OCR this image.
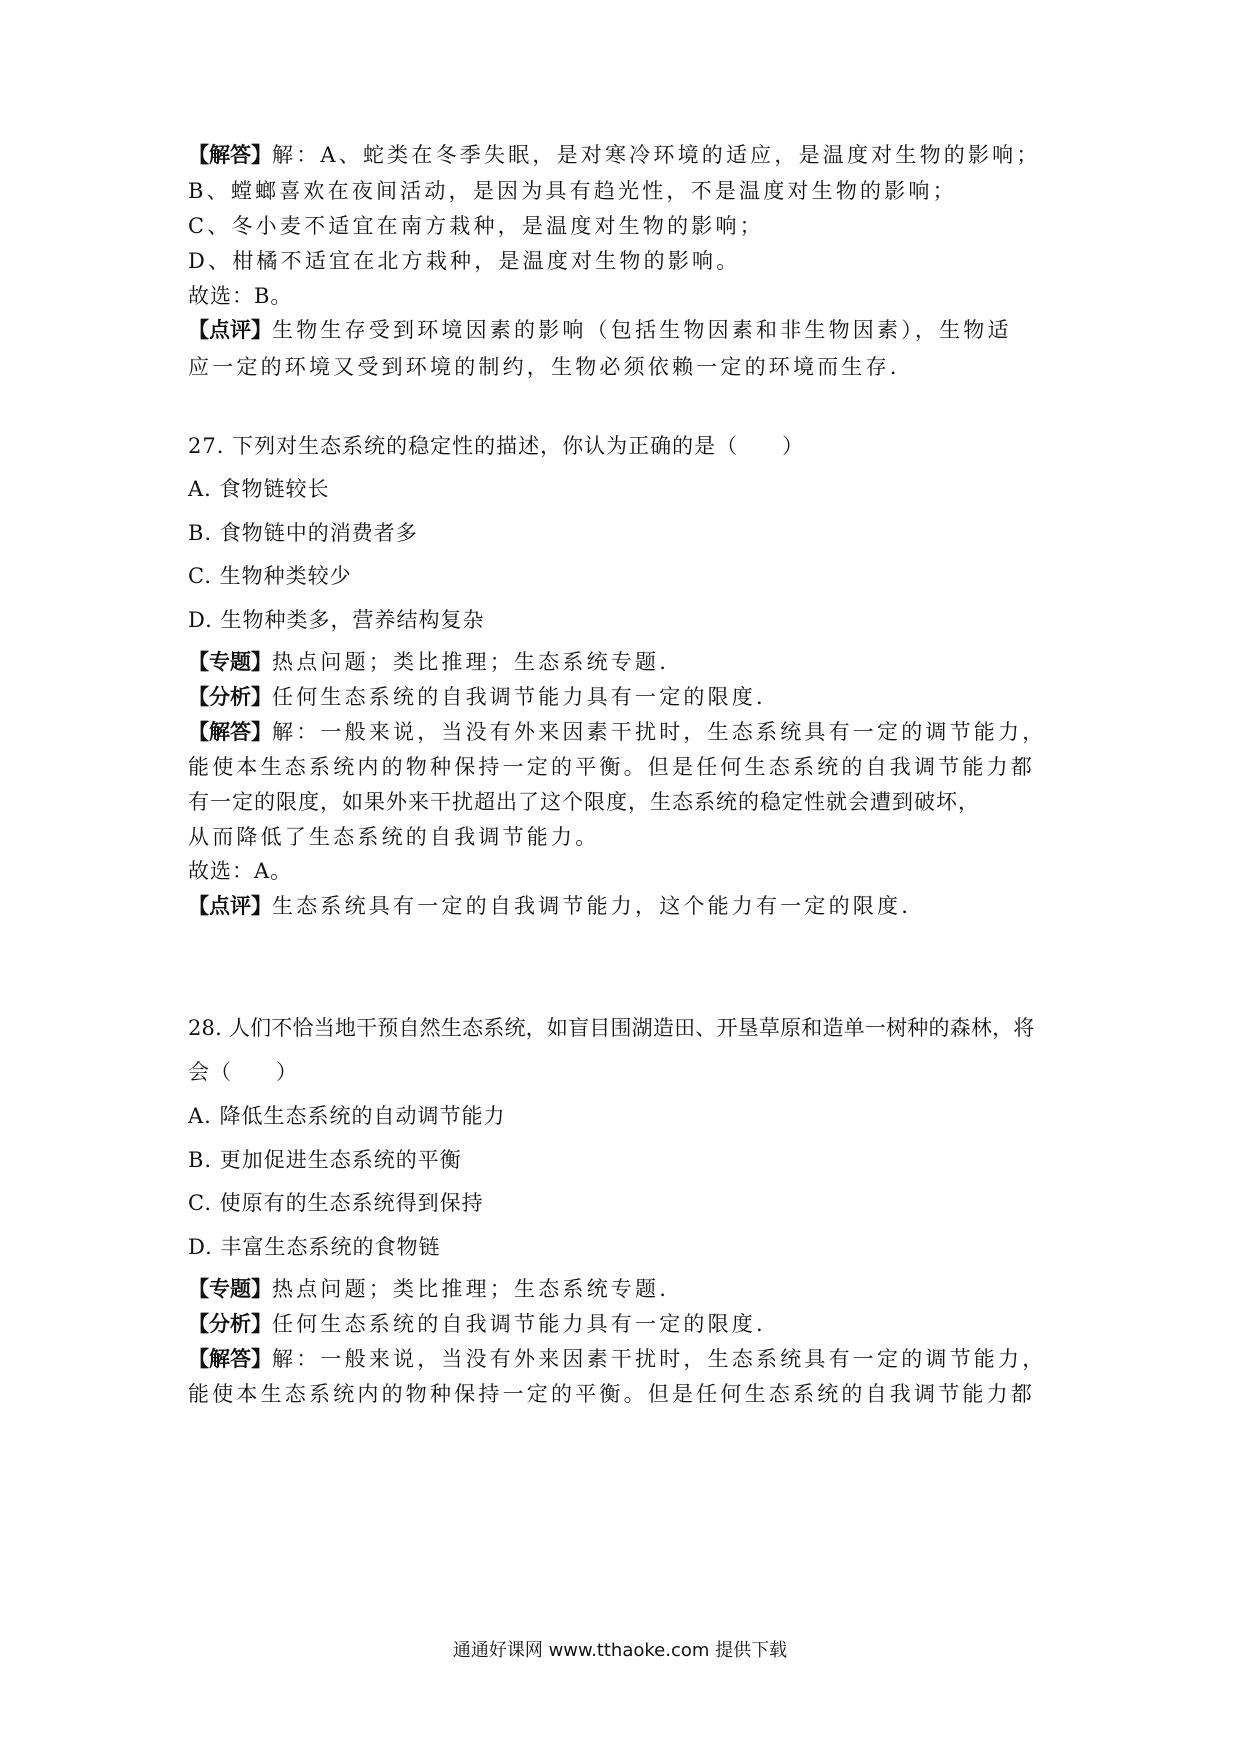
【解答】解：A、蛇类在冬季失眠，是对寒冷环境的适应，是温度对生物的影响；
B、螳螂喜欢在夜间活动，是因为具有趋光性，不是温度对生物的影响；
C、冬小麦不适宜在南方栽种，是温度对生物的影响；
D、柑橘不适宜在北方栽种，是温度对生物的影响。
故选：B。
【点评】生物生存受到环境因素的影响（包括生物因素和非生物因素），生物适
应一定的环境又受到环境的制约，生物必须依赖一定的环境而生存.
27. 下列对生态系统的稳定性的描述，你认为正确的是（　　）
A. 食物链较长
B. 食物链中的消费者多
C. 生物种类较少
D. 生物种类多，营养结构复杂
【专题】热点问题；类比推理；生态系统专题.
【分析】任何生态系统的自我调节能力具有一定的限度.
【解答】解：一般来说，当没有外来因素干扰时，生态系统具有一定的调节能力，
能使本生态系统内的物种保持一定的平衡。但是任何生态系统的自我调节能力都
有一定的限度，如果外来干扰超出了这个限度，生态系统的稳定性就会遭到破坏，
从而降低了生态系统的自我调节能力。
故选：A。
【点评】生态系统具有一定的自我调节能力，这个能力有一定的限度.
28. 人们不恰当地干预自然生态系统，如盲目围湖造田、开垦草原和造单一树种的森林，将
会（　　）
A. 降低生态系统的自动调节能力
B. 更加促进生态系统的平衡
C. 使原有的生态系统得到保持
D. 丰富生态系统的食物链
【专题】热点问题；类比推理；生态系统专题.
【分析】任何生态系统的自我调节能力具有一定的限度.
【解答】解：一般来说，当没有外来因素干扰时，生态系统具有一定的调节能力，
能使本生态系统内的物种保持一定的平衡。但是任何生态系统的自我调节能力都
通通好课网 www.tthaoke.com 提供下载
